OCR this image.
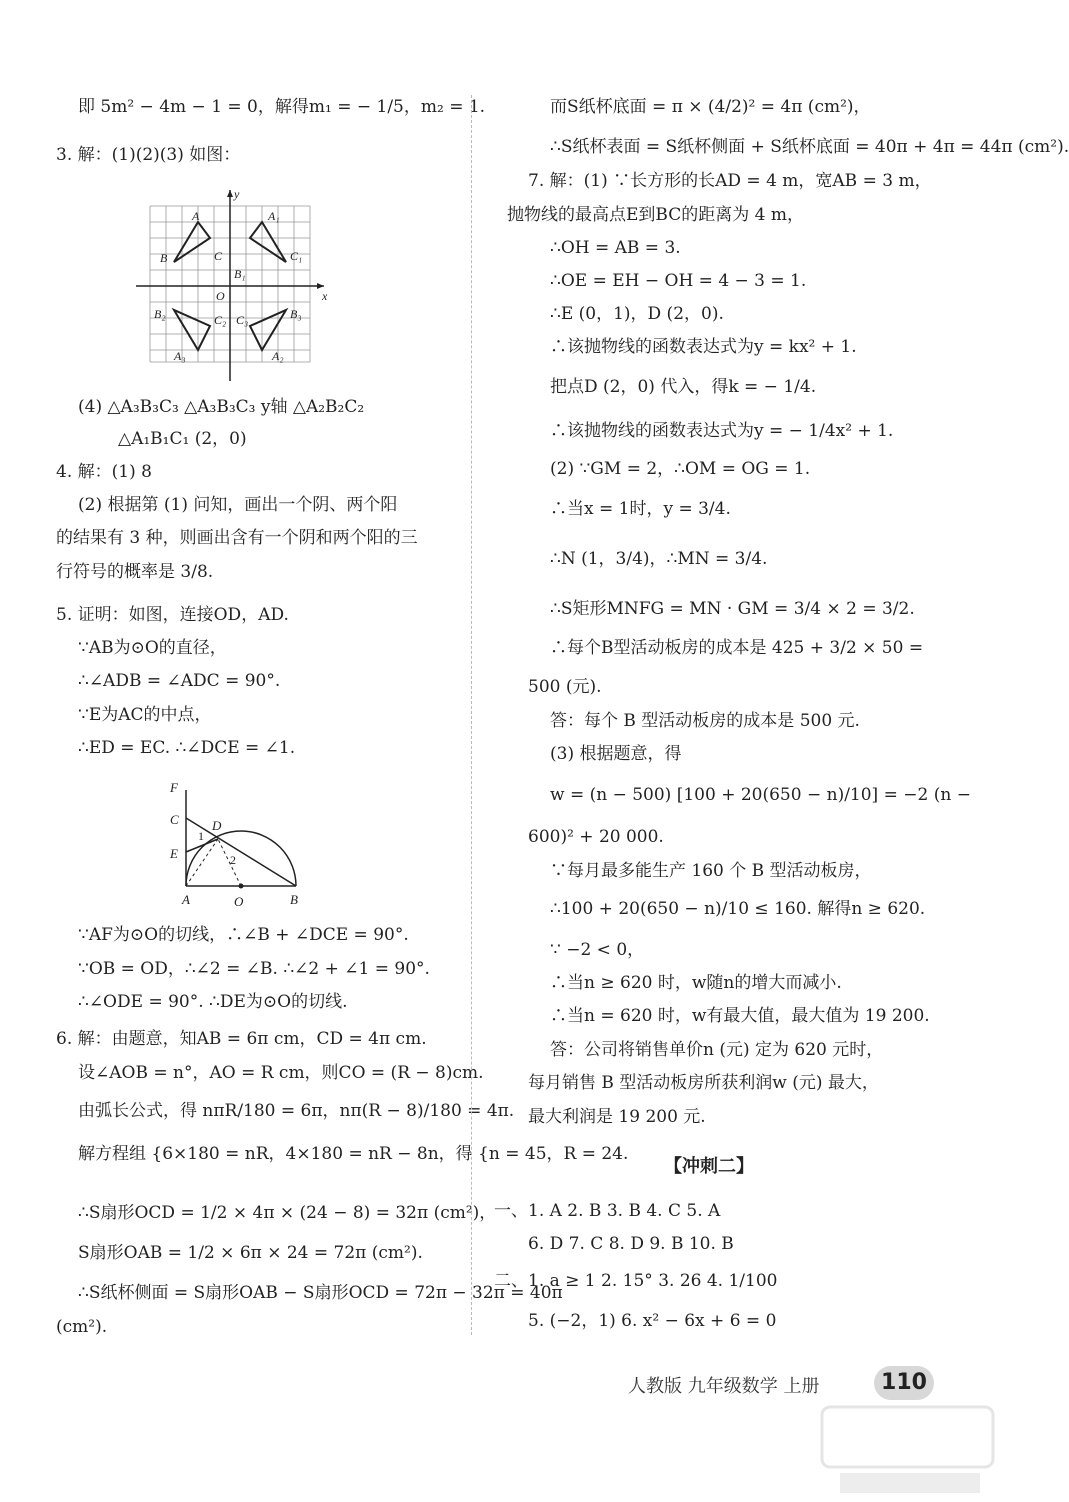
即 5m² − 4m − 1 = 0，解得m₁ = − 1/5，m₂ = 1.
3. 解：(1)(2)(3) 如图：
(4) △A₃B₃C₃ △A₃B₃C₃ y轴 △A₂B₂C₂
△A₁B₁C₁ (2，0)
4. 解：(1) 8
(2) 根据第 (1) 问知，画出一个阴、两个阳
的结果有 3 种，则画出含有一个阴和两个阳的三
行符号的概率是 3/8.
5. 证明：如图，连接OD，AD.
∵AB为⊙O的直径，
∴∠ADB = ∠ADC = 90°.
∵E为AC的中点，
∴ED = EC. ∴∠DCE = ∠1.
∵AF为⊙O的切线，∴∠B + ∠DCE = 90°.
∵OB = OD，∴∠2 = ∠B. ∴∠2 + ∠1 = 90°.
∴∠ODE = 90°. ∴DE为⊙O的切线.
6. 解：由题意，知AB = 6π cm，CD = 4π cm.
设∠AOB = n°，AO = R cm，则CO = (R − 8)cm.
由弧长公式，得 nπR/180 = 6π，nπ(R − 8)/180 = 4π.
解方程组 {6×180 = nR，4×180 = nR − 8n，得 {n = 45，R = 24.
∴S扇形OCD = 1/2 × 4π × (24 − 8) = 32π (cm²)，
S扇形OAB = 1/2 × 6π × 24 = 72π (cm²).
∴S纸杯侧面 = S扇形OAB − S扇形OCD = 72π − 32π = 40π
(cm²).
而S纸杯底面 = π × (4/2)² = 4π (cm²)，
∴S纸杯表面 = S纸杯侧面 + S纸杯底面 = 40π + 4π = 44π (cm²).
7. 解：(1) ∵长方形的长AD = 4 m，宽AB = 3 m，
抛物线的最高点E到BC的距离为 4 m，
∴OH = AB = 3.
∴OE = EH − OH = 4 − 3 = 1.
∴E (0，1)，D (2，0).
∴该抛物线的函数表达式为y = kx² + 1.
把点D (2，0) 代入，得k = − 1/4.
∴该抛物线的函数表达式为y = − 1/4x² + 1.
(2) ∵GM = 2，∴OM = OG = 1.
∴当x = 1时，y = 3/4.
∴N (1，3/4)，∴MN = 3/4.
∴S矩形MNFG = MN · GM = 3/4 × 2 = 3/2.
∴每个B型活动板房的成本是 425 + 3/2 × 50 =
500 (元).
答：每个 B 型活动板房的成本是 500 元.
(3) 根据题意，得
w = (n − 500) [100 + 20(650 − n)/10] = −2 (n −
600)² + 20 000.
∵每月最多能生产 160 个 B 型活动板房，
∴100 + 20(650 − n)/10 ≤ 160. 解得n ≥ 620.
∵ −2 < 0，
∴当n ≥ 620 时，w随n的增大而减小.
∴当n = 620 时，w有最大值，最大值为 19 200.
答：公司将销售单价n (元) 定为 620 元时，
每月销售 B 型活动板房所获利润w (元) 最大，
最大利润是 19 200 元.
一、1. A 2. B 3. B 4. C 5. A
6. D 7. C 8. D 9. B 10. B
二、1. a ≥ 1 2. 15° 3. 26 4. 1/100
5. (−2，1) 6. x² − 6x + 6 = 0
y
x
O
A
B	C
A₁
C₁
B₁
B₂	C₂
A₃
C₃	B₃
A₂
F
C	D
E
A	O	B
1
2
【冲刺二】
人教版 九年级数学 上册	110
